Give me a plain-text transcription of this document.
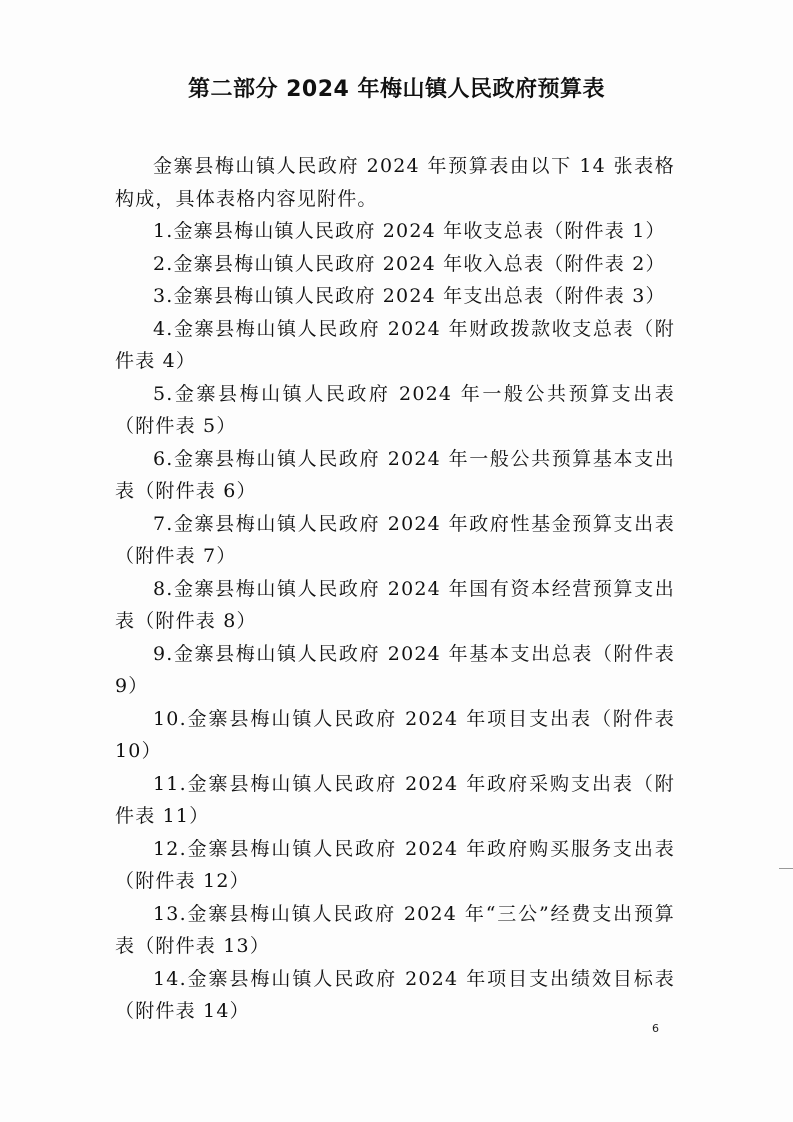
第二部分 2024 年梅山镇人民政府预算表

金寨县梅山镇人民政府 2024 年预算表由以下 14 张表格构成，具体表格内容见附件。

1.金寨县梅山镇人民政府 2024 年收支总表（附件表 1）

2.金寨县梅山镇人民政府 2024 年收入总表（附件表 2）

3.金寨县梅山镇人民政府 2024 年支出总表（附件表 3）

4.金寨县梅山镇人民政府 2024 年财政拨款收支总表（附件表 4）

5.金寨县梅山镇人民政府 2024 年一般公共预算支出表（附件表 5）

6.金寨县梅山镇人民政府 2024 年一般公共预算基本支出表（附件表 6）

7.金寨县梅山镇人民政府 2024 年政府性基金预算支出表（附件表 7）

8.金寨县梅山镇人民政府 2024 年国有资本经营预算支出表（附件表 8）

9.金寨县梅山镇人民政府 2024 年基本支出总表（附件表 9）

10.金寨县梅山镇人民政府 2024 年项目支出表（附件表 10）

11.金寨县梅山镇人民政府 2024 年政府采购支出表（附件表 11）

12.金寨县梅山镇人民政府 2024 年政府购买服务支出表（附件表 12）

13.金寨县梅山镇人民政府 2024 年“三公”经费支出预算表（附件表 13）

14.金寨县梅山镇人民政府 2024 年项目支出绩效目标表（附件表 14）

6
